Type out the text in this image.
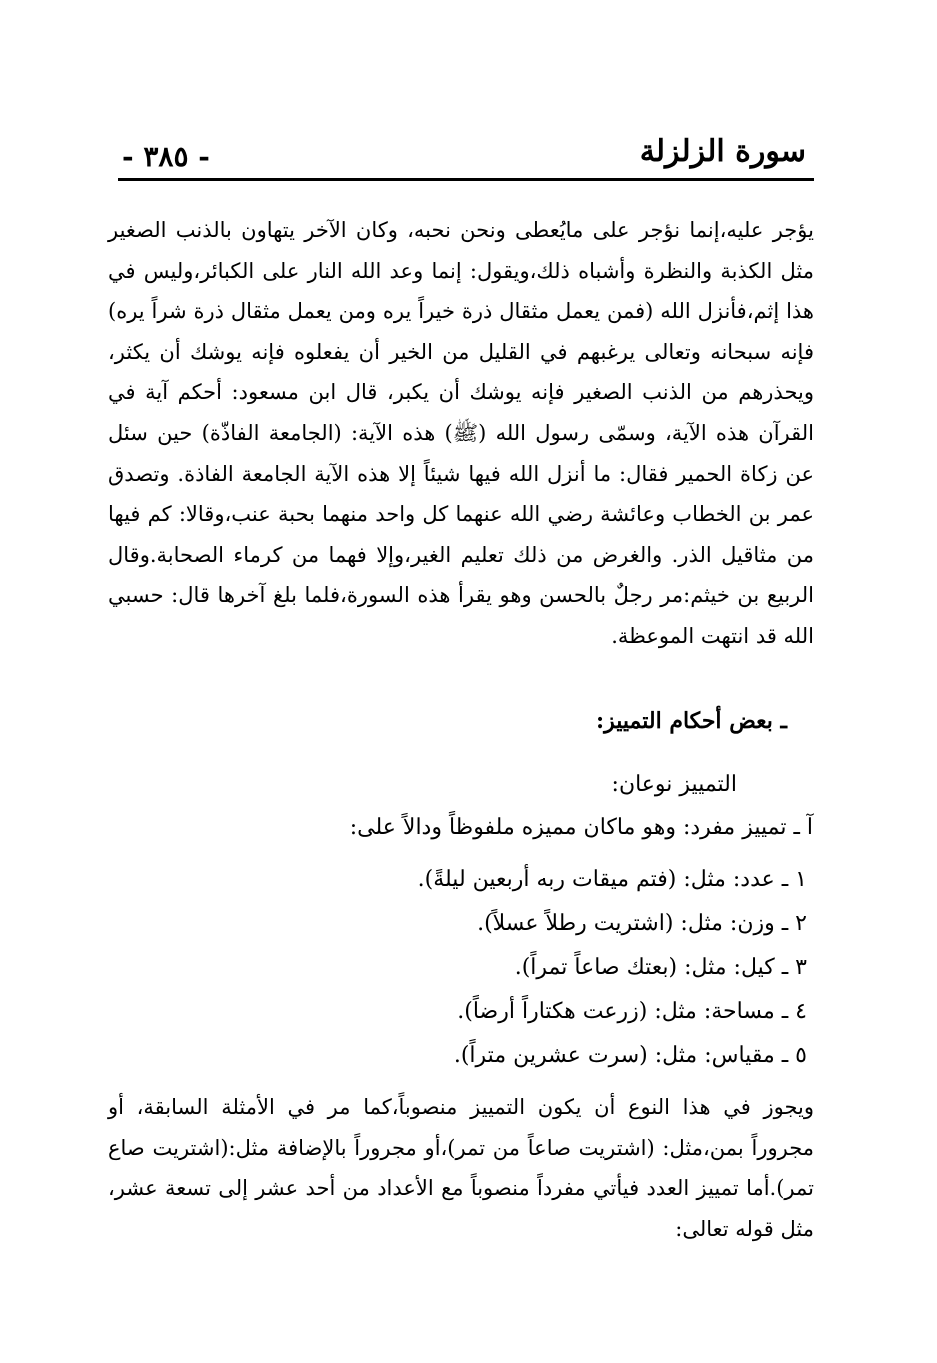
- ٣٨٥ -	سورة الزلزلة
يؤجر عليه،إنما نؤجر على مايُعطى ونحن نحبه، وكان الآخر يتهاون بالذنب الصغير
مثل الكذبة والنظرة وأشباه ذلك،ويقول: إنما وعد الله النار على الكبائر،وليس في
هذا إثم،فأنزل الله (فمن يعمل مثقال ذرة خيراً يره ومن يعمل مثقال ذرة شراً يره)
فإنه سبحانه وتعالى يرغبهم في القليل من الخير أن يفعلوه فإنه يوشك أن يكثر،
ويحذرهم من الذنب الصغير فإنه يوشك أن يكبر، قال ابن مسعود: أحكم آية في
القرآن هذه الآية، وسمّى رسول الله (ﷺ) هذه الآية: (الجامعة الفاذّة) حين سئل
عن زكاة الحمير فقال: ما أنزل الله فيها شيئاً إلا هذه الآية الجامعة الفاذة. وتصدق
عمر بن الخطاب وعائشة رضي الله عنهما كل واحد منهما بحبة عنب،وقالا: كم فيها
من مثاقيل الذر. والغرض من ذلك تعليم الغير،وإلا فهما من كرماء الصحابة.وقال
الربيع بن خيثم:مر رجلٌ بالحسن وهو يقرأ هذه السورة،فلما بلغ آخرها قال: حسبي
الله قد انتهت الموعظة.
ـ بعض أحكام التمييز:
التمييز نوعان:
آ ـ تمييز مفرد: وهو ماكان مميزه ملفوظاً ودالاً على:
١ ـ عدد: مثل: (فتم ميقات ربه أربعين ليلةً).
٢ ـ وزن: مثل: (اشتريت رطلاً عسلاً).
٣ ـ كيل: مثل: (بعتك صاعاً تمراً).
٤ ـ مساحة: مثل: (زرعت هكتاراً أرضاً).
٥ ـ مقياس: مثل: (سرت عشرين متراً).
ويجوز في هذا النوع أن يكون التمييز منصوباً،كما مر في الأمثلة السابقة، أو
مجروراً بمن،مثل: (اشتريت صاعاً من تمر)،أو مجروراً بالإضافة مثل:(اشتريت صاع
تمر).أما تمييز العدد فيأتي مفرداً منصوباً مع الأعداد من أحد عشر إلى تسعة عشر،
مثل قوله تعالى:
